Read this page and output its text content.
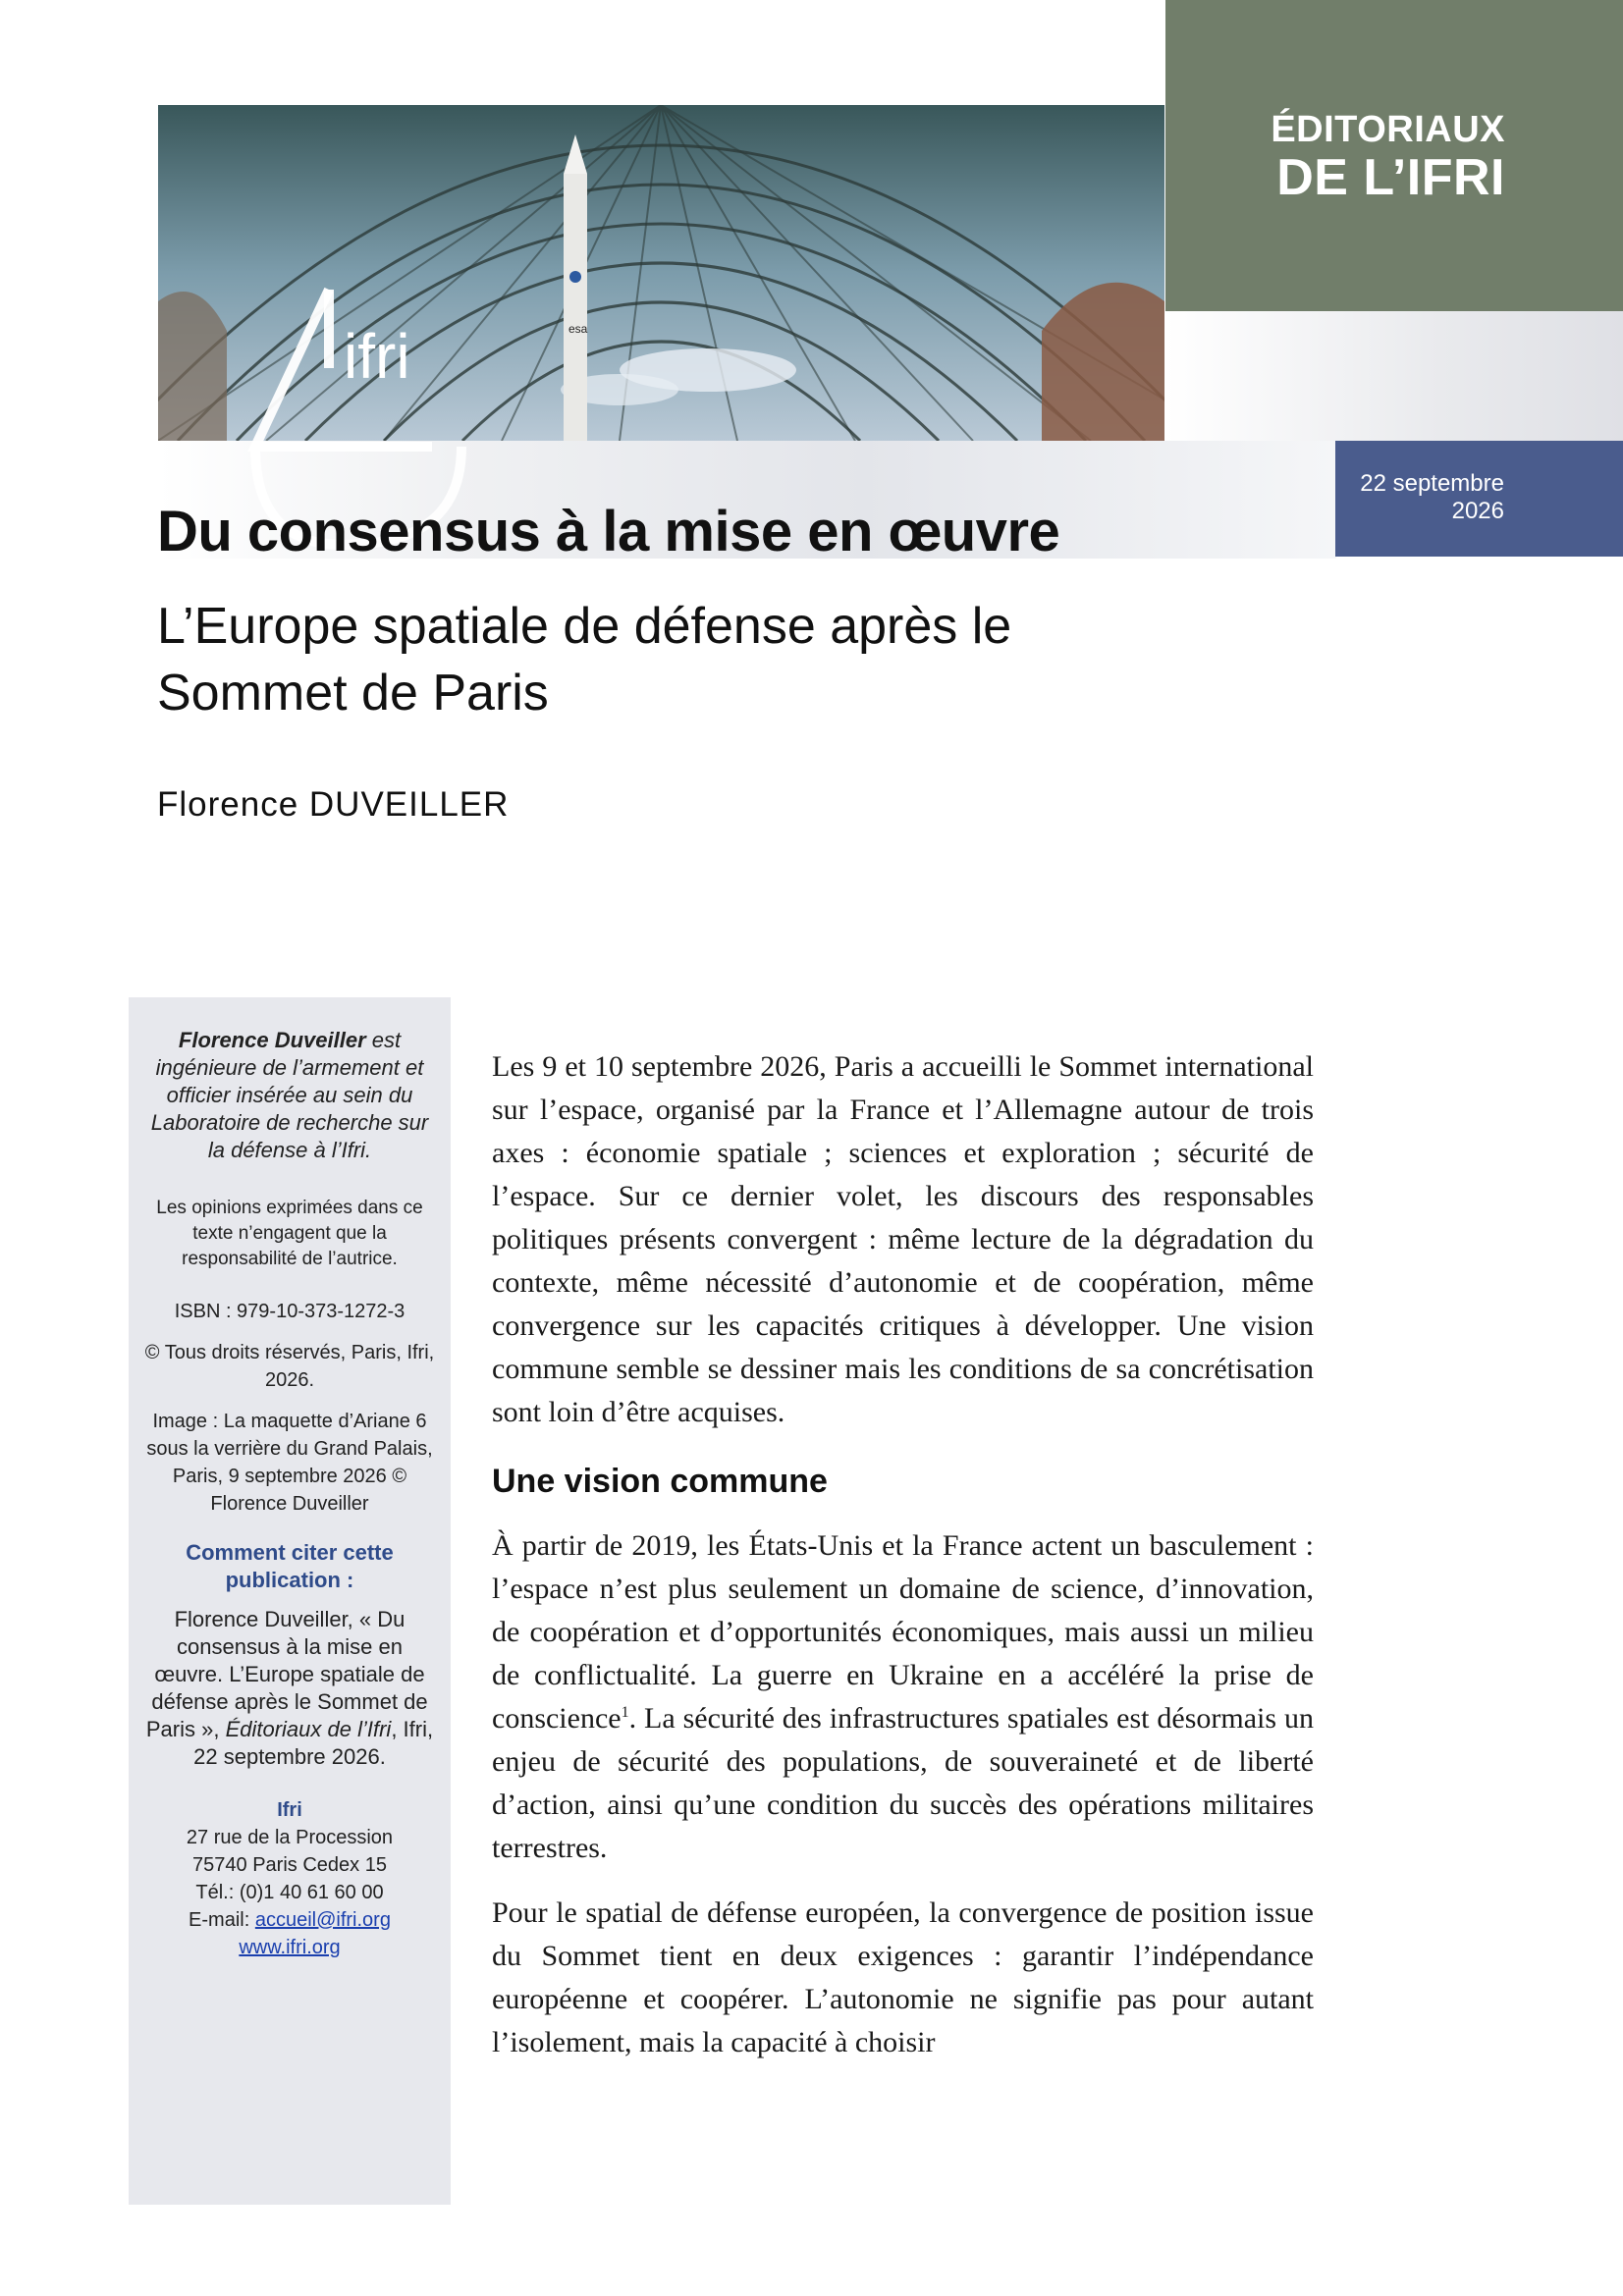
esa
ifri
ÉDITORIAUX
DE L’IFRI
22 septembre
2026
Du consensus à la mise en œuvre
L’Europe spatiale de défense après le
Sommet de Paris

Florence DUVEILLER

Florence Duveiller est ingénieure de l’armement et officier insérée au sein du Laboratoire de recherche sur la défense à l’Ifri.

Les opinions exprimées dans ce texte n’engagent que la responsabilité de l’autrice.

ISBN : 979-10-373-1272-3

© Tous droits réservés, Paris, Ifri, 2026.

Image : La maquette d’Ariane 6 sous la verrière du Grand Palais, Paris, 9 septembre 2026 © Florence Duveiller

Comment citer cette publication :

Florence Duveiller, « Du consensus à la mise en œuvre. L’Europe spatiale de défense après le Sommet de Paris », Éditoriaux de l’Ifri, Ifri, 22 septembre 2026.

Ifri
27 rue de la Procession
75740 Paris Cedex 15
Tél.: (0)1 40 61 60 00
E-mail: accueil@ifri.org
www.ifri.org

Les 9 et 10 septembre 2026, Paris a accueilli le Sommet international sur l’espace, organisé par la France et l’Allemagne autour de trois axes : économie spatiale ; sciences et exploration ; sécurité de l’espace. Sur ce dernier volet, les discours des responsables politiques présents convergent : même lecture de la dégradation du contexte, même nécessité d’autonomie et de coopération, même convergence sur les capacités critiques à développer. Une vision commune semble se dessiner mais les conditions de sa concrétisation sont loin d’être acquises.

Une vision commune

À partir de 2019, les États-Unis et la France actent un basculement : l’espace n’est plus seulement un domaine de science, d’innovation, de coopération et d’opportunités économiques, mais aussi un milieu de conflictualité. La guerre en Ukraine en a accéléré la prise de conscience$^1$. La sécurité des infrastructures spatiales est désormais un enjeu de sécurité des populations, de souveraineté et de liberté d’action, ainsi qu’une condition du succès des opérations militaires terrestres.

Pour le spatial de défense européen, la convergence de position issue du Sommet tient en deux exigences : garantir l’indépendance européenne et coopérer. L’autonomie ne signifie pas pour autant l’isolement, mais la capacité à choisir
